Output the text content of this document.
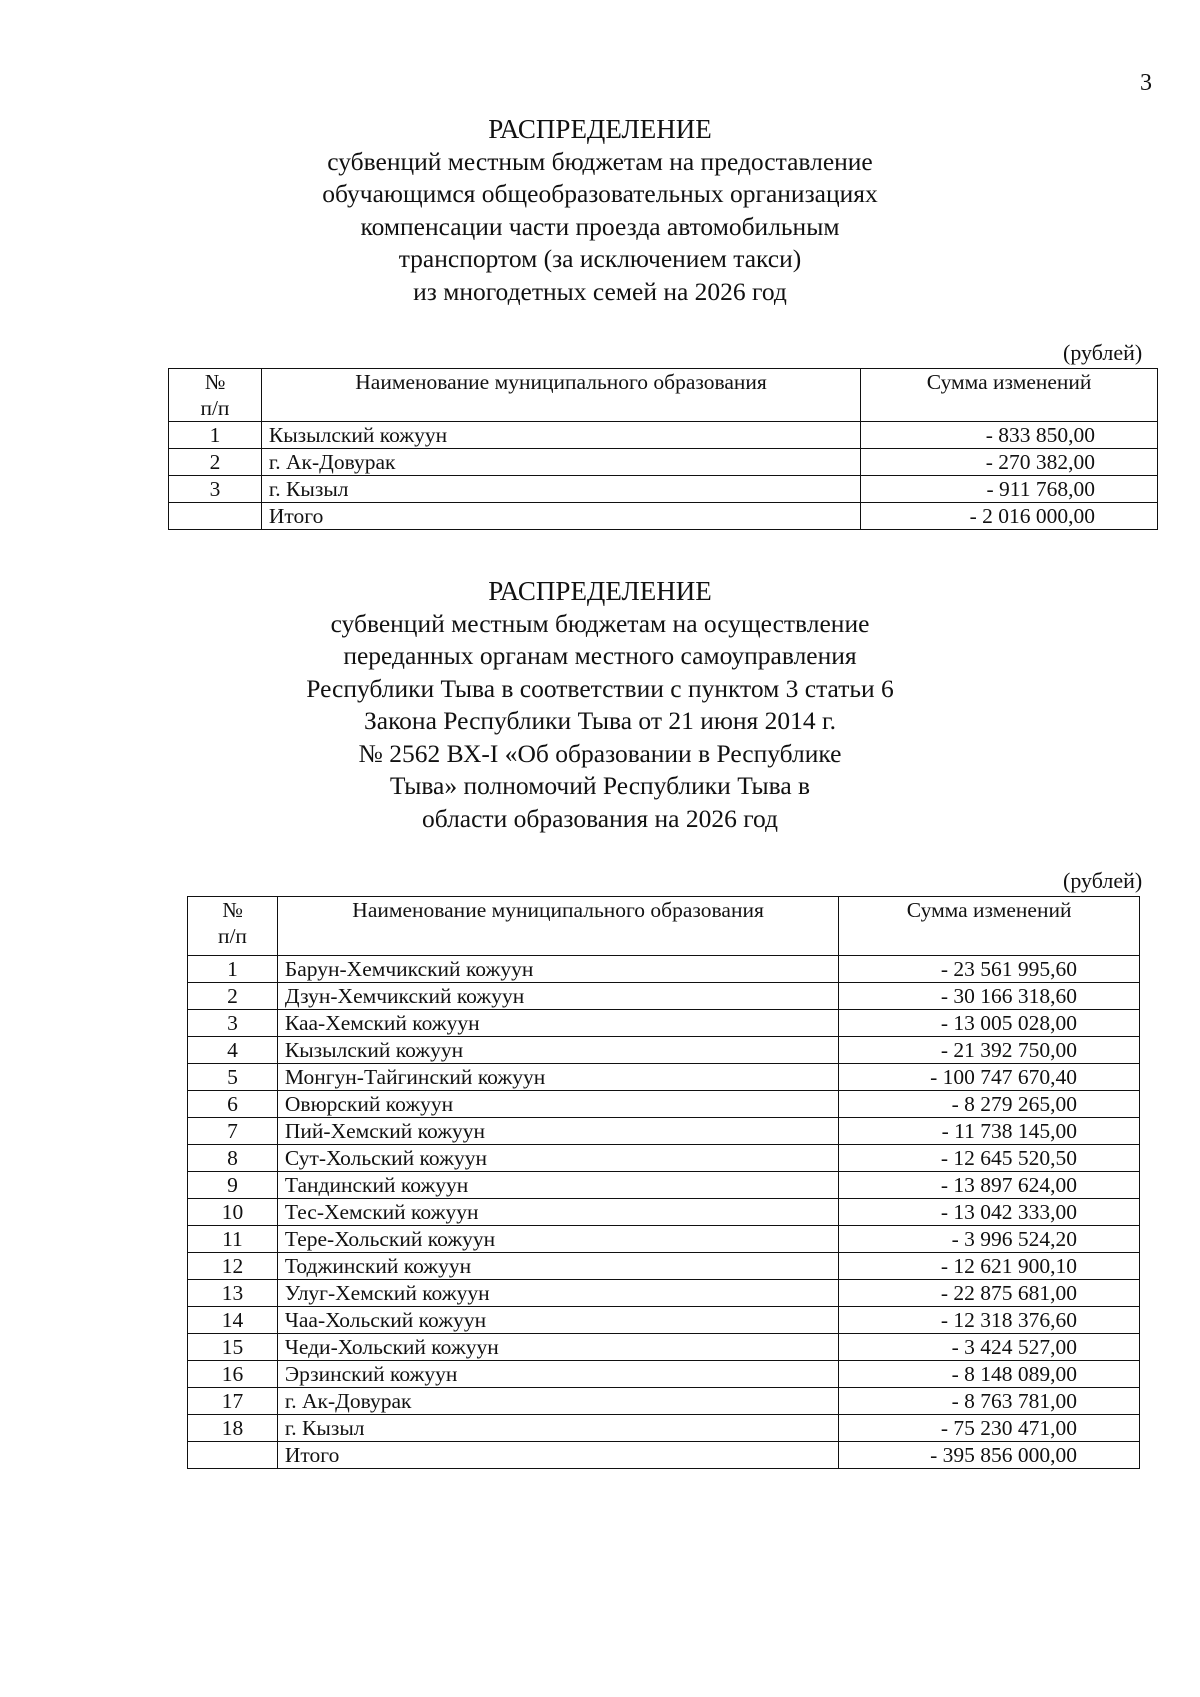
3
РАСПРЕДЕЛЕНИЕ
субвенций местным бюджетам на предоставление
обучающимся общеобразовательных организациях
компенсации части проезда автомобильным
транспортом (за исключением такси)
из многодетных семей на 2026 год
(рублей)
№
п/п	Наименование муниципального образования	Сумма изменений
1	Кызылский кожуун	- 833 850,00
2	г. Ак-Довурак	- 270 382,00
3	г. Кызыл	- 911 768,00
	Итого	- 2 016 000,00
РАСПРЕДЕЛЕНИЕ
субвенций местным бюджетам на осуществление
переданных органам местного самоуправления
Республики Тыва в соответствии с пунктом 3 статьи 6
Закона Республики Тыва от 21 июня 2014 г.
№ 2562 ВХ-I «Об образовании в Республике
Тыва» полномочий Республики Тыва в
области образования на 2026 год
(рублей)
№
п/п	Наименование муниципального образования	Сумма изменений
1	Барун-Хемчикский кожуун	- 23 561 995,60
2	Дзун-Хемчикский кожуун	- 30 166 318,60
3	Каа-Хемский кожуун	- 13 005 028,00
4	Кызылский кожуун	- 21 392 750,00
5	Монгун-Тайгинский кожуун	- 100 747 670,40
6	Овюрский кожуун	- 8 279 265,00
7	Пий-Хемский кожуун	- 11 738 145,00
8	Сут-Хольский кожуун	- 12 645 520,50
9	Тандинский кожуун	- 13 897 624,00
10	Тес-Хемский кожуун	- 13 042 333,00
11	Тере-Хольский кожуун	- 3 996 524,20
12	Тоджинский кожуун	- 12 621 900,10
13	Улуг-Хемский кожуун	- 22 875 681,00
14	Чаа-Хольский кожуун	- 12 318 376,60
15	Чеди-Хольский кожуун	- 3 424 527,00
16	Эрзинский кожуун	- 8 148 089,00
17	г. Ак-Довурак	- 8 763 781,00
18	г. Кызыл	- 75 230 471,00
	Итого	- 395 856 000,00
